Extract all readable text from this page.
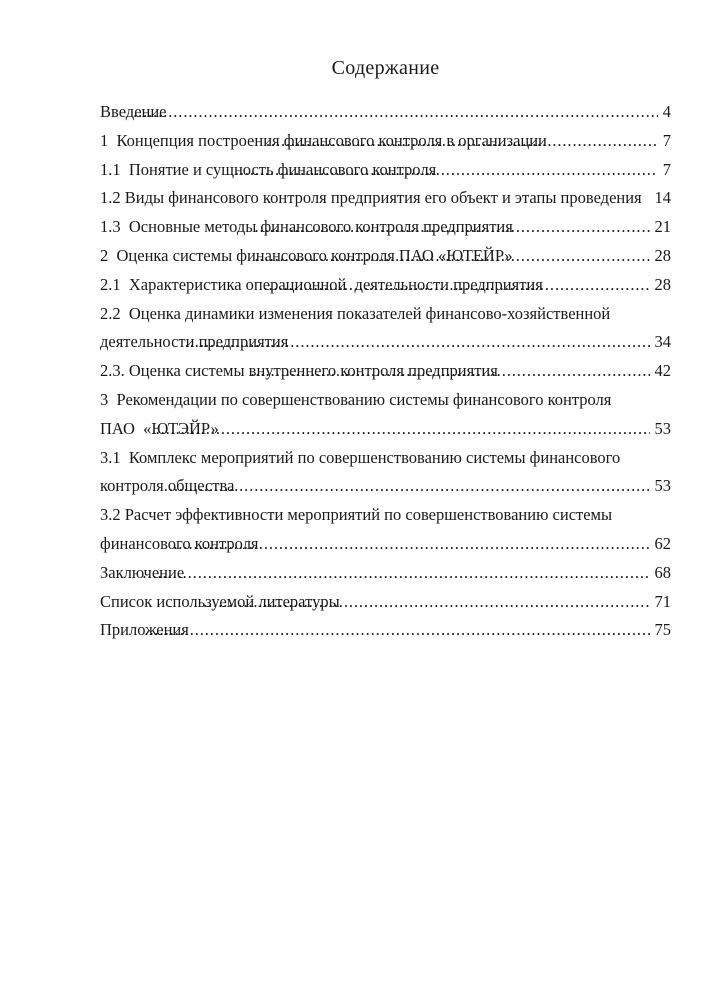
Содержание
Введение .....	4
1  Концепция построения финансового контроля в организации .....	7
1.1  Понятие и сущность финансового контроля .....	7
1.2 Виды финансового контроля предприятия его объект и этапы проведения 14
1.3  Основные методы финансового контроля предприятия .....	21
2  Оценка системы финансового контроля ПАО «ЮТЕЙР» .....	28
2.1  Характеристика операционной  деятельности предприятия .....	28
2.2  Оценка динамики изменения показателей финансово-хозяйственной
деятельности предприятия .....	34
2.3. Оценка системы внутреннего контроля предприятия .....	42
3  Рекомендации по совершенствованию системы финансового контроля
ПАО  «ЮТЭЙР» .....	53
3.1  Комплекс мероприятий по совершенствованию системы финансового
контроля общества .....	53
3.2 Расчет эффективности мероприятий по совершенствованию системы
финансового контроля .....	62
Заключение .....	68
Список используемой литературы .....	71
Приложения .....	75
